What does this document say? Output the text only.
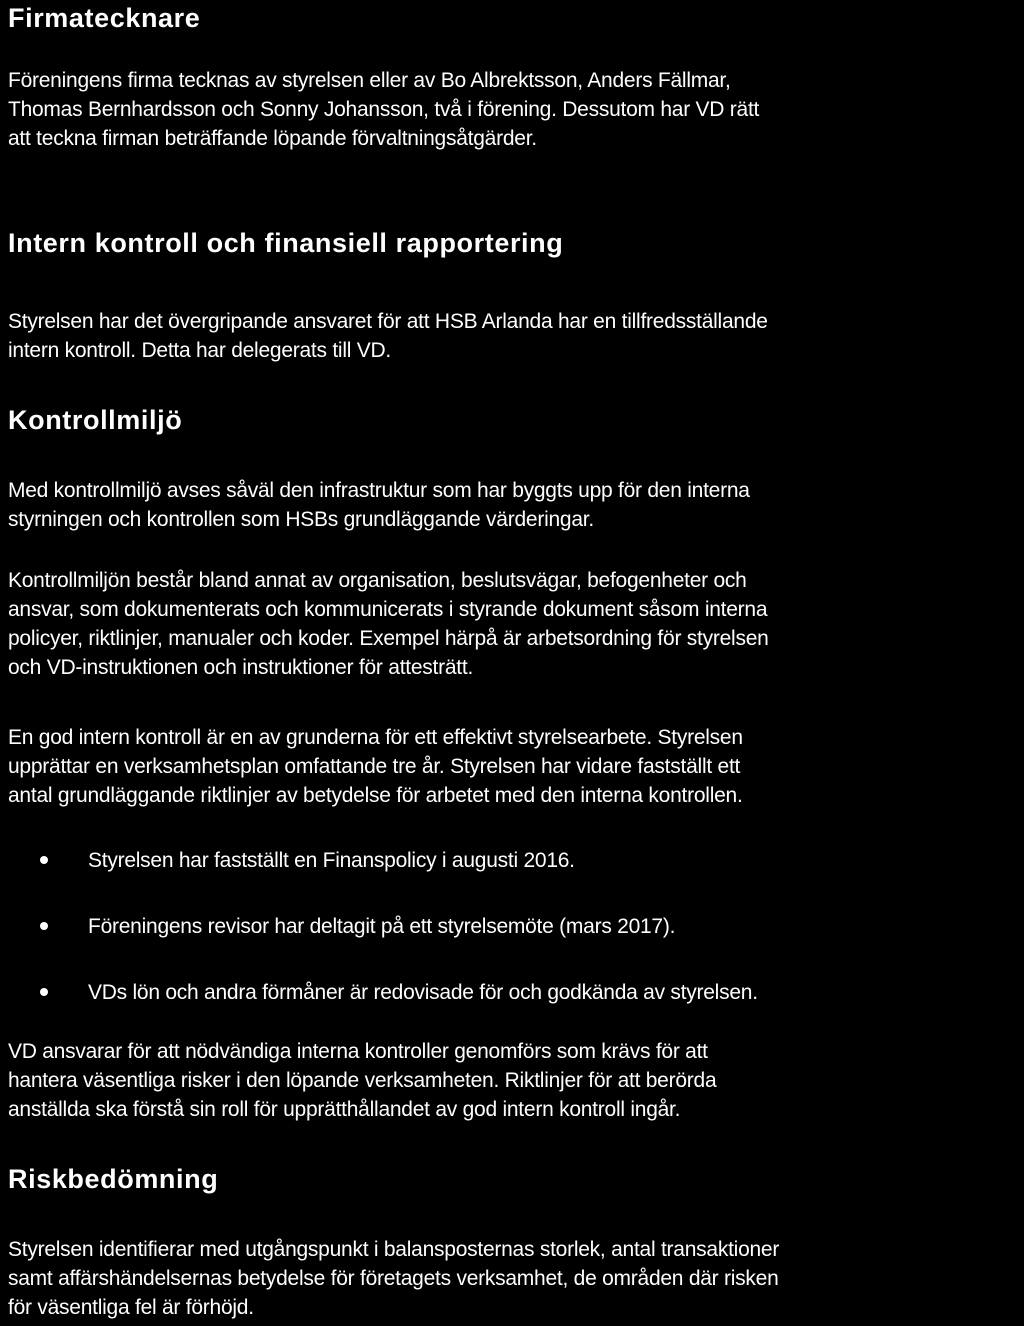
Firmatecknare

Föreningens firma tecknas av styrelsen eller av Bo Albrektsson, Anders Fällmar,
Thomas Bernhardsson och Sonny Johansson, två i förening. Dessutom har VD rätt
att teckna firman beträffande löpande förvaltningsåtgärder.

Intern kontroll och finansiell rapportering

Styrelsen har det övergripande ansvaret för att HSB Arlanda har en tillfredsställande
intern kontroll. Detta har delegerats till VD.

Kontrollmiljö

Med kontrollmiljö avses såväl den infrastruktur som har byggts upp för den interna
styrningen och kontrollen som HSBs grundläggande värderingar.

Kontrollmiljön består bland annat av organisation, beslutsvägar, befogenheter och
ansvar, som dokumenterats och kommunicerats i styrande dokument såsom interna
policyer, riktlinjer, manualer och koder. Exempel härpå är arbetsordning för styrelsen
och VD-instruktionen och instruktioner för attesträtt.

En god intern kontroll är en av grunderna för ett effektivt styrelsearbete. Styrelsen
upprättar en verksamhetsplan omfattande tre år. Styrelsen har vidare fastställt ett
antal grundläggande riktlinjer av betydelse för arbetet med den interna kontrollen.

Styrelsen har fastställt en Finanspolicy i augusti 2016.
Föreningens revisor har deltagit på ett styrelsemöte (mars 2017).
VDs lön och andra förmåner är redovisade för och godkända av styrelsen.

VD ansvarar för att nödvändiga interna kontroller genomförs som krävs för att
hantera väsentliga risker i den löpande verksamheten. Riktlinjer för att berörda
anställda ska förstå sin roll för upprätthållandet av god intern kontroll ingår.

Riskbedömning

Styrelsen identifierar med utgångspunkt i balansposternas storlek, antal transaktioner
samt affärshändelsernas betydelse för företagets verksamhet, de områden där risken
för väsentliga fel är förhöjd.
